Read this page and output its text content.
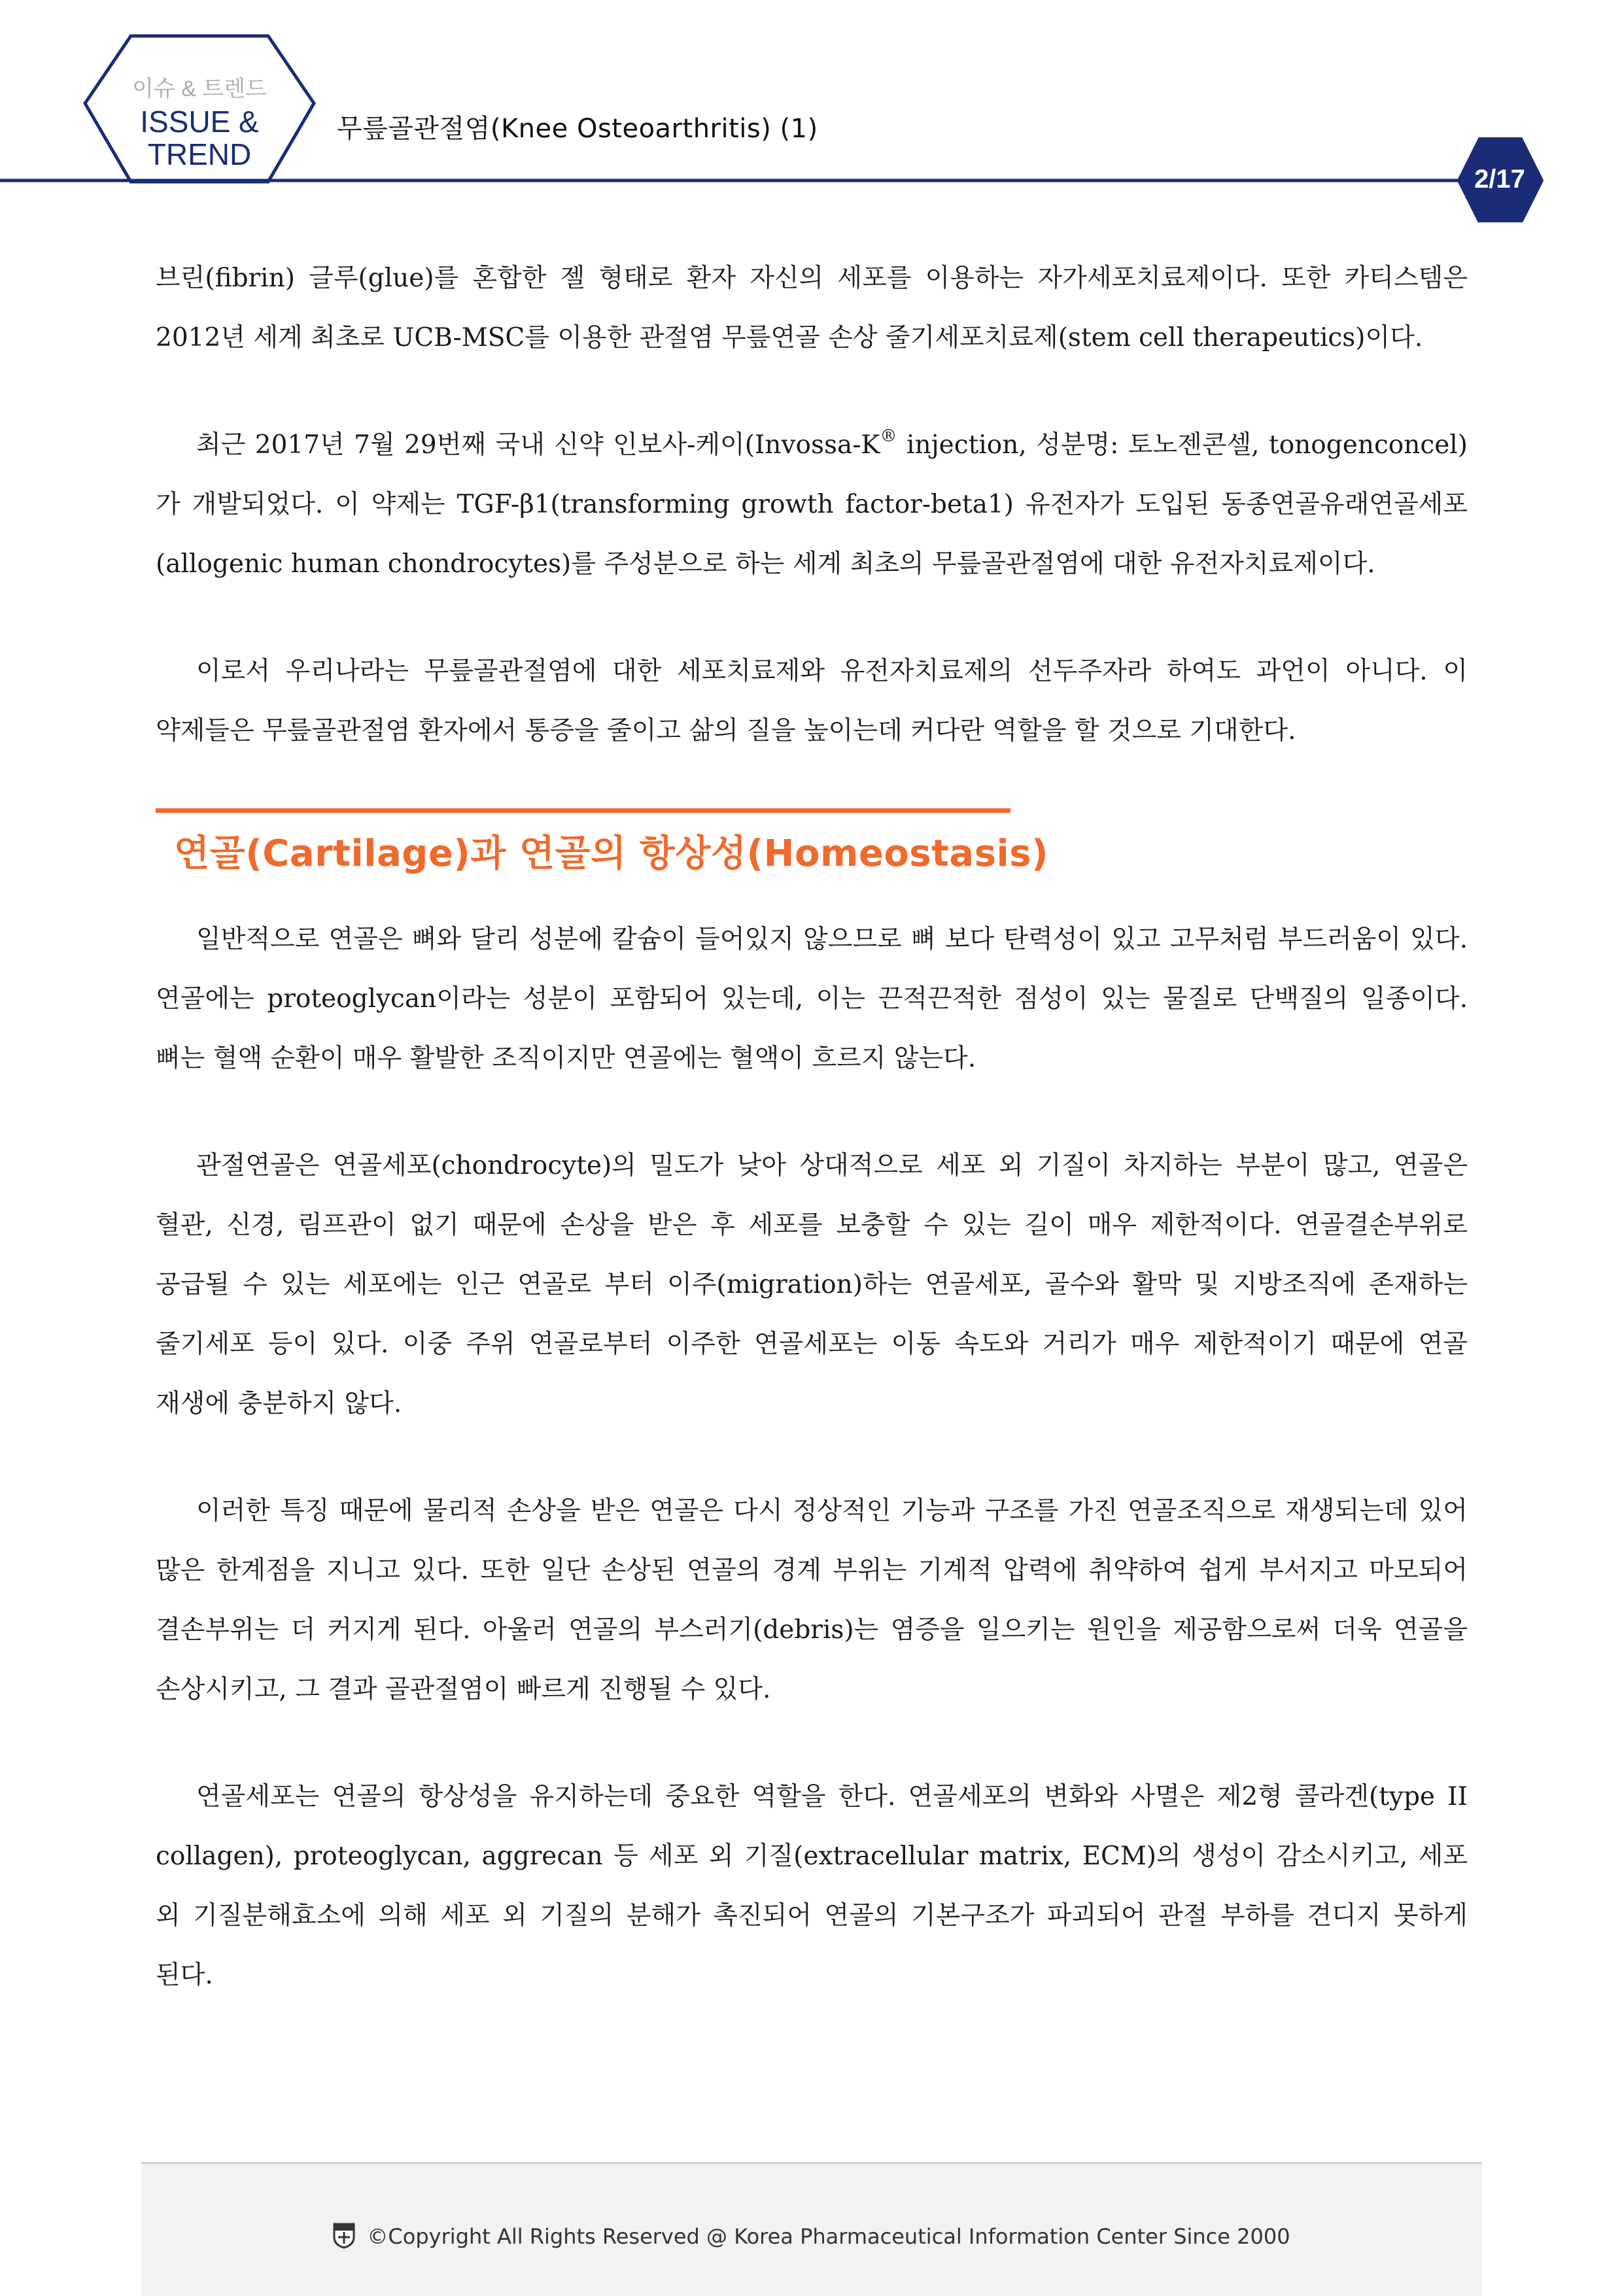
이슈 & 트렌드
ISSUE &
TREND
무릎골관절염(Knee Osteoarthritis) (1)
2/17

브린(fibrin) 글루(glue)를 혼합한 젤 형태로 환자 자신의 세포를 이용하는 자가세포치료제이다. 또한 카티스템은 2012년 세계 최초로 UCB-MSC를 이용한 관절염 무릎연골 손상 줄기세포치료제(stem cell therapeutics)이다.

최근 2017년 7월 29번째 국내 신약 인보사-케이(Invossa-K® injection, 성분명: 토노젠콘셀, tonogenconcel)가 개발되었다. 이 약제는 TGF-β1(transforming growth factor-beta1) 유전자가 도입된 동종연골유래연골세포(allogenic human chondrocytes)를 주성분으로 하는 세계 최초의 무릎골관절염에 대한 유전자치료제이다.

이로서 우리나라는 무릎골관절염에 대한 세포치료제와 유전자치료제의 선두주자라 하여도 과언이 아니다. 이 약제들은 무릎골관절염 환자에서 통증을 줄이고 삶의 질을 높이는데 커다란 역할을 할 것으로 기대한다.

연골(Cartilage)과 연골의 항상성(Homeostasis)

일반적으로 연골은 뼈와 달리 성분에 칼슘이 들어있지 않으므로 뼈 보다 탄력성이 있고 고무처럼 부드러움이 있다. 연골에는 proteoglycan이라는 성분이 포함되어 있는데, 이는 끈적끈적한 점성이 있는 물질로 단백질의 일종이다. 뼈는 혈액 순환이 매우 활발한 조직이지만 연골에는 혈액이 흐르지 않는다.

관절연골은 연골세포(chondrocyte)의 밀도가 낮아 상대적으로 세포 외 기질이 차지하는 부분이 많고, 연골은 혈관, 신경, 림프관이 없기 때문에 손상을 받은 후 세포를 보충할 수 있는 길이 매우 제한적이다. 연골결손부위로 공급될 수 있는 세포에는 인근 연골로 부터 이주(migration)하는 연골세포, 골수와 활막 및 지방조직에 존재하는 줄기세포 등이 있다. 이중 주위 연골로부터 이주한 연골세포는 이동 속도와 거리가 매우 제한적이기 때문에 연골 재생에 충분하지 않다.

이러한 특징 때문에 물리적 손상을 받은 연골은 다시 정상적인 기능과 구조를 가진 연골조직으로 재생되는데 있어 많은 한계점을 지니고 있다. 또한 일단 손상된 연골의 경계 부위는 기계적 압력에 취약하여 쉽게 부서지고 마모되어 결손부위는 더 커지게 된다. 아울러 연골의 부스러기(debris)는 염증을 일으키는 원인을 제공함으로써 더욱 연골을 손상시키고, 그 결과 골관절염이 빠르게 진행될 수 있다.

연골세포는 연골의 항상성을 유지하는데 중요한 역할을 한다. 연골세포의 변화와 사멸은 제2형 콜라겐(type II collagen), proteoglycan, aggrecan 등 세포 외 기질(extracellular matrix, ECM)의 생성이 감소시키고, 세포 외 기질분해효소에 의해 세포 외 기질의 분해가 촉진되어 연골의 기본구조가 파괴되어 관절 부하를 견디지 못하게 된다.

©Copyright All Rights Reserved @ Korea Pharmaceutical Information Center Since 2000
